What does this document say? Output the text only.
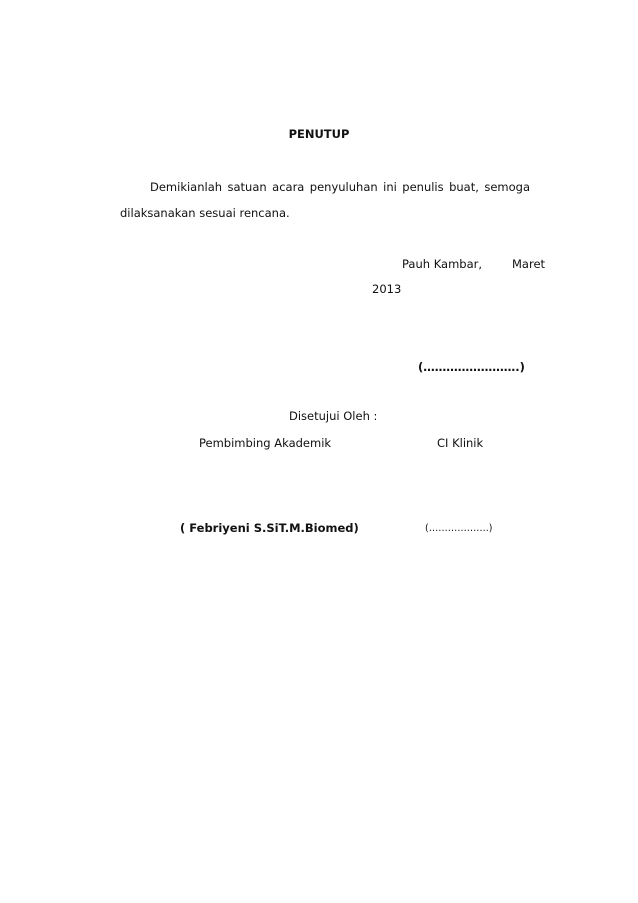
PENUTUP
Demikianlah satuan acara penyuluhan ini penulis buat, semoga
dilaksanakan sesuai rencana.
Pauh Kambar,	Maret
2013
(…………………….)
Disetujui Oleh :
Pembimbing Akademik	CI Klinik
( Febriyeni S.SiT.M.Biomed)	(……………….)
